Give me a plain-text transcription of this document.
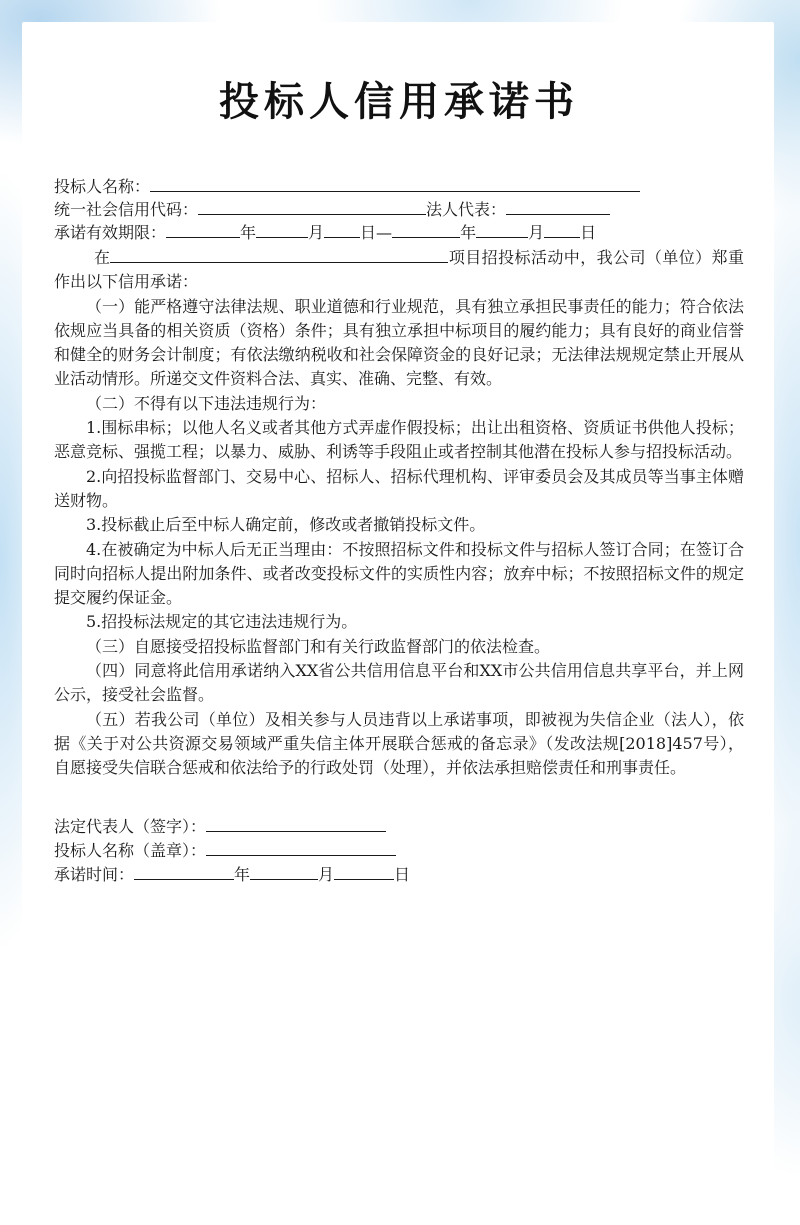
投标人信用承诺书
投标人名称：
统一社会信用代码：	法人代表：
承诺有效期限：	年	月 日—	年	月 日

在	项目招投标活动中，我公司（单位）郑重作出以下信用承诺：

（一）能严格遵守法律法规、职业道德和行业规范，具有独立承担民事责任的能力；符合依法依规应当具备的相关资质（资格）条件；具有独立承担中标项目的履约能力；具有良好的商业信誉和健全的财务会计制度；有依法缴纳税收和社会保障资金的良好记录；无法律法规规定禁止开展从业活动情形。所递交文件资料合法、真实、准确、完整、有效。

（二）不得有以下违法违规行为：

1.围标串标；以他人名义或者其他方式弄虚作假投标；出让出租资格、资质证书供他人投标；恶意竞标、强揽工程；以暴力、威胁、利诱等手段阻止或者控制其他潜在投标人参与招投标活动。

2.向招投标监督部门、交易中心、招标人、招标代理机构、评审委员会及其成员等当事主体赠送财物。

3.投标截止后至中标人确定前，修改或者撤销投标文件。

4.在被确定为中标人后无正当理由：不按照招标文件和投标文件与招标人签订合同；在签订合同时向招标人提出附加条件、或者改变投标文件的实质性内容；放弃中标；不按照招标文件的规定提交履约保证金。

5.招投标法规定的其它违法违规行为。

（三）自愿接受招投标监督部门和有关行政监督部门的依法检查。

（四）同意将此信用承诺纳入XX省公共信用信息平台和XX市公共信用信息共享平台，并上网公示，接受社会监督。

（五）若我公司（单位）及相关参与人员违背以上承诺事项，即被视为失信企业（法人），依据《关于对公共资源交易领域严重失信主体开展联合惩戒的备忘录》（发改法规[2018]457号），自愿接受失信联合惩戒和依法给予的行政处罚（处理），并依法承担赔偿责任和刑事责任。

法定代表人（签字）：
投标人名称（盖章）：
承诺时间：	年	月	日
